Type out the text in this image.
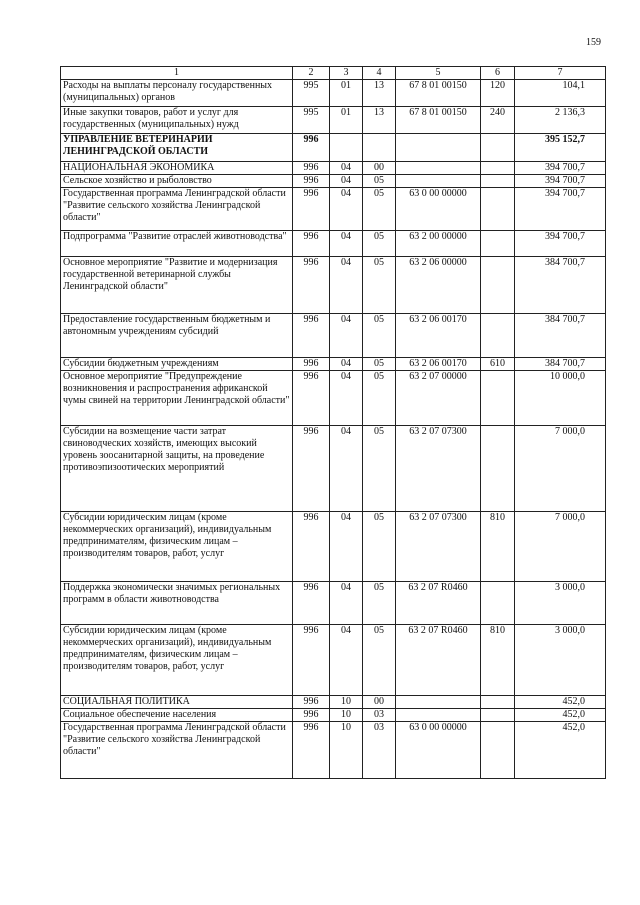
159
1	2	3	4	5	6	7
Расходы на выплаты персоналу государственных (муниципальных) органов	995	01	13	67 8 01 00150	120	104,1
Иные закупки товаров, работ и услуг для государственных (муниципальных) нужд	995	01	13	67 8 01 00150	240	2 136,3
УПРАВЛЕНИЕ ВЕТЕРИНАРИИ ЛЕНИНГРАДСКОЙ ОБЛАСТИ	996					395 152,7
НАЦИОНАЛЬНАЯ ЭКОНОМИКА	996	04	00			394 700,7
Сельское хозяйство и рыболовство	996	04	05			394 700,7
Государственная программа Ленинградской области "Развитие сельского хозяйства Ленинградской области"	996	04	05	63 0 00 00000		394 700,7
Подпрограмма "Развитие отраслей животноводства"	996	04	05	63 2 00 00000		394 700,7
Основное мероприятие "Развитие и модернизация государственной ветеринарной службы Ленинградской области"	996	04	05	63 2 06 00000		384 700,7
Предоставление государственным бюджетным и автономным учреждениям субсидий	996	04	05	63 2 06 00170		384 700,7
Субсидии бюджетным учреждениям	996	04	05	63 2 06 00170	610	384 700,7
Основное мероприятие "Предупреждение возникновения и распространения африканской чумы свиней на территории Ленинградской области"	996	04	05	63 2 07 00000		10 000,0
Субсидии на возмещение части затрат свиноводческих хозяйств, имеющих высокий уровень зоосанитарной защиты, на проведение противоэпизоотических мероприятий	996	04	05	63 2 07 07300		7 000,0
Субсидии юридическим лицам (кроме некоммерческих организаций), индивидуальным предпринимателям, физическим лицам – производителям товаров, работ, услуг	996	04	05	63 2 07 07300	810	7 000,0
Поддержка экономически значимых региональных программ в области животноводства	996	04	05	63 2 07 R0460		3 000,0
Субсидии юридическим лицам (кроме некоммерческих организаций), индивидуальным предпринимателям, физическим лицам – производителям товаров, работ, услуг	996	04	05	63 2 07 R0460	810	3 000,0
СОЦИАЛЬНАЯ ПОЛИТИКА	996	10	00			452,0
Социальное обеспечение населения	996	10	03			452,0
Государственная программа Ленинградской области "Развитие сельского хозяйства Ленинградской области"	996	10	03	63 0 00 00000		452,0
